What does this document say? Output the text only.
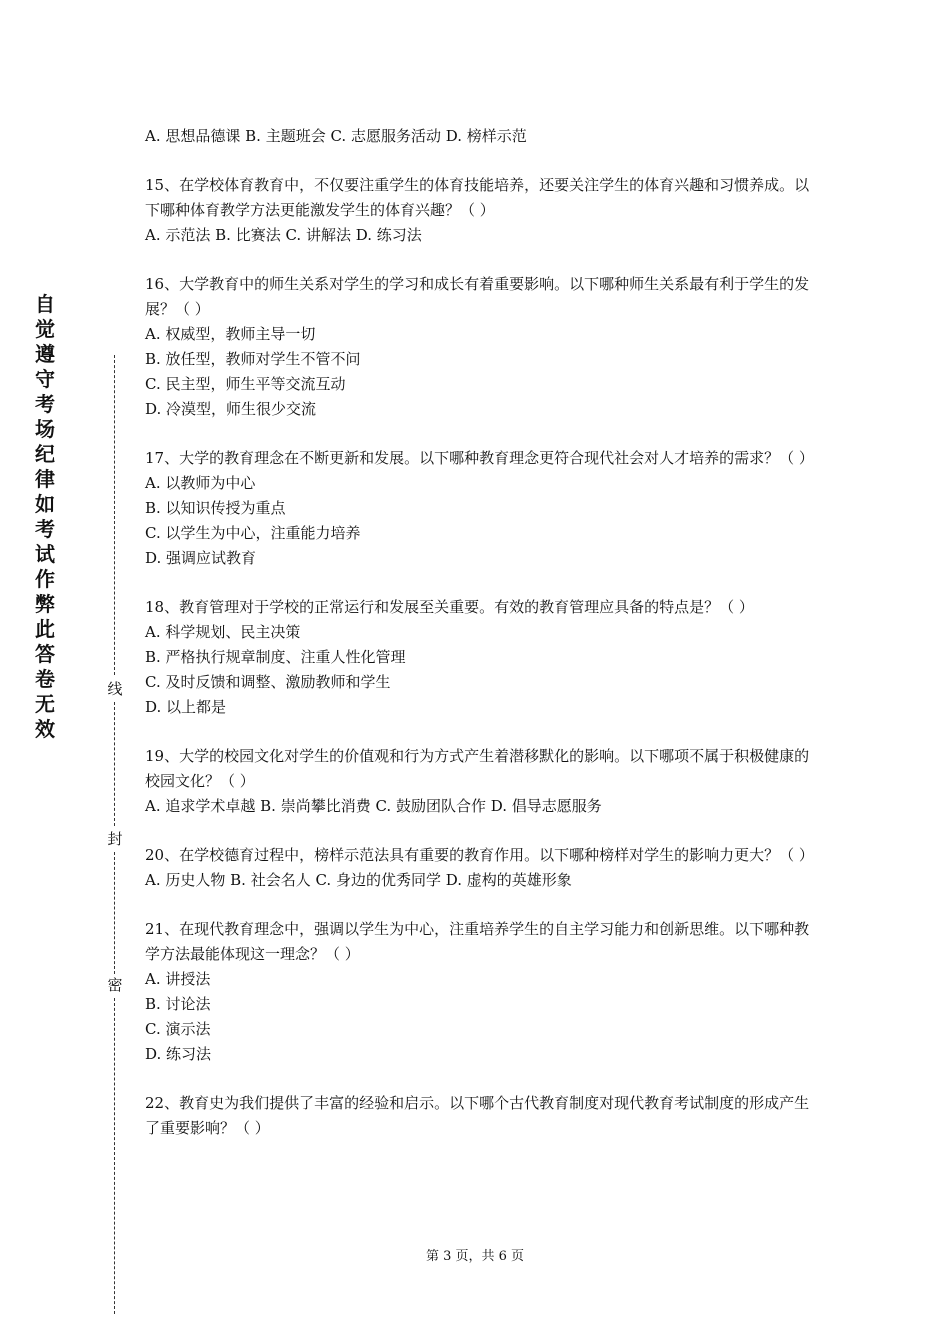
自觉遵守考场纪律如考试作弊此答卷无效
线
封
密

A. 思想品德课 B. 主题班会 C. 志愿服务活动 D. 榜样示范

15、在学校体育教育中，不仅要注重学生的体育技能培养，还要关注学生的体育兴趣和习惯养成。以下哪种体育教学方法更能激发学生的体育兴趣？（ ）

A. 示范法 B. 比赛法 C. 讲解法 D. 练习法

16、大学教育中的师生关系对学生的学习和成长有着重要影响。以下哪种师生关系最有利于学生的发展？（ ）

A. 权威型，教师主导一切

B. 放任型，教师对学生不管不问

C. 民主型，师生平等交流互动

D. 冷漠型，师生很少交流

17、大学的教育理念在不断更新和发展。以下哪种教育理念更符合现代社会对人才培养的需求？（ ）

A. 以教师为中心

B. 以知识传授为重点

C. 以学生为中心，注重能力培养

D. 强调应试教育

18、教育管理对于学校的正常运行和发展至关重要。有效的教育管理应具备的特点是？（ ）

A. 科学规划、民主决策

B. 严格执行规章制度、注重人性化管理

C. 及时反馈和调整、激励教师和学生

D. 以上都是

19、大学的校园文化对学生的价值观和行为方式产生着潜移默化的影响。以下哪项不属于积极健康的校园文化？（ ）

A. 追求学术卓越 B. 崇尚攀比消费 C. 鼓励团队合作 D. 倡导志愿服务

20、在学校德育过程中，榜样示范法具有重要的教育作用。以下哪种榜样对学生的影响力更大？（ ）

A. 历史人物 B. 社会名人 C. 身边的优秀同学 D. 虚构的英雄形象

21、在现代教育理念中，强调以学生为中心，注重培养学生的自主学习能力和创新思维。以下哪种教学方法最能体现这一理念？（ ）

A. 讲授法

B. 讨论法

C. 演示法

D. 练习法

22、教育史为我们提供了丰富的经验和启示。以下哪个古代教育制度对现代教育考试制度的形成产生了重要影响？（ ）

第 3 页，共 6 页
